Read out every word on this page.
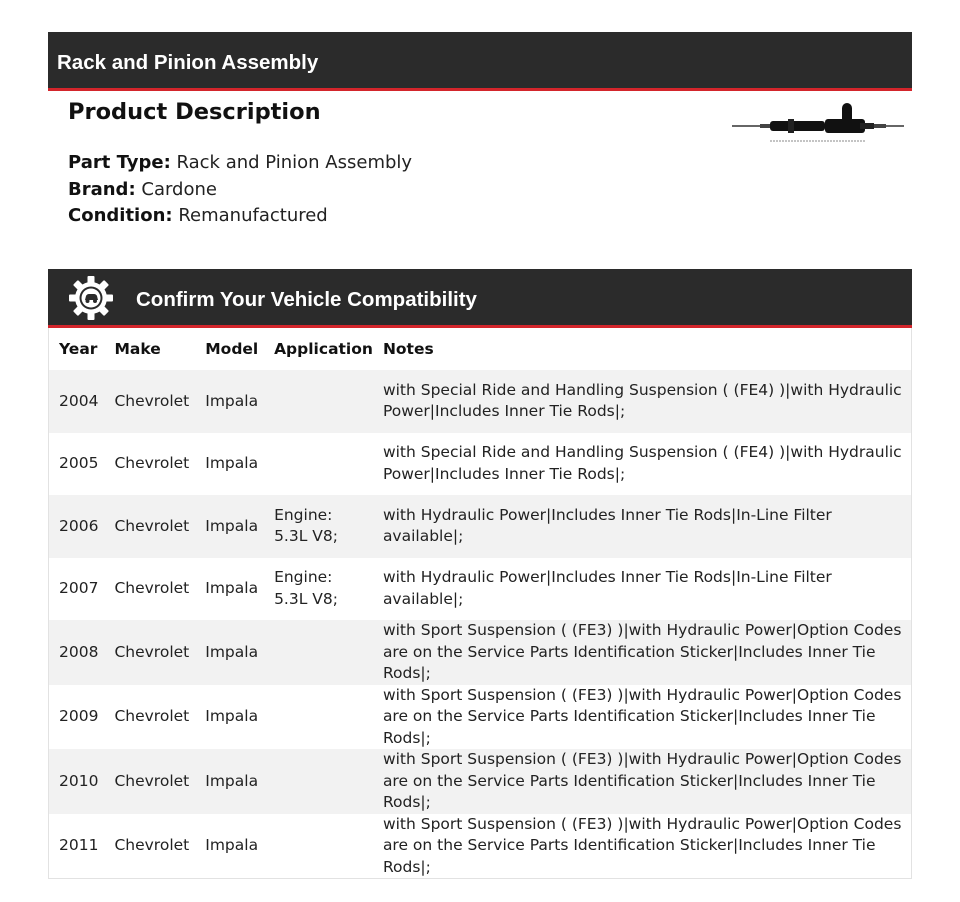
Rack and Pinion Assembly
Product Description
Part Type: Rack and Pinion Assembly
Brand: Cardone
Condition: Remanufactured
Confirm Your Vehicle Compatibility
Year	Make	Model	Application	Notes
2004	Chevrolet	Impala		with Special Ride and Handling Suspension ( (FE4) )|with Hydraulic Power|Includes Inner Tie Rods|;
2005	Chevrolet	Impala		with Special Ride and Handling Suspension ( (FE4) )|with Hydraulic Power|Includes Inner Tie Rods|;
2006	Chevrolet	Impala	Engine: 5.3L V8;	with Hydraulic Power|Includes Inner Tie Rods|In-Line Filter available|;
2007	Chevrolet	Impala	Engine: 5.3L V8;	with Hydraulic Power|Includes Inner Tie Rods|In-Line Filter available|;
2008	Chevrolet	Impala		with Sport Suspension ( (FE3) )|with Hydraulic Power|Option Codes are on the Service Parts Identification Sticker|Includes Inner Tie Rods|;
2009	Chevrolet	Impala		with Sport Suspension ( (FE3) )|with Hydraulic Power|Option Codes are on the Service Parts Identification Sticker|Includes Inner Tie Rods|;
2010	Chevrolet	Impala		with Sport Suspension ( (FE3) )|with Hydraulic Power|Option Codes are on the Service Parts Identification Sticker|Includes Inner Tie Rods|;
2011	Chevrolet	Impala		with Sport Suspension ( (FE3) )|with Hydraulic Power|Option Codes are on the Service Parts Identification Sticker|Includes Inner Tie Rods|;
